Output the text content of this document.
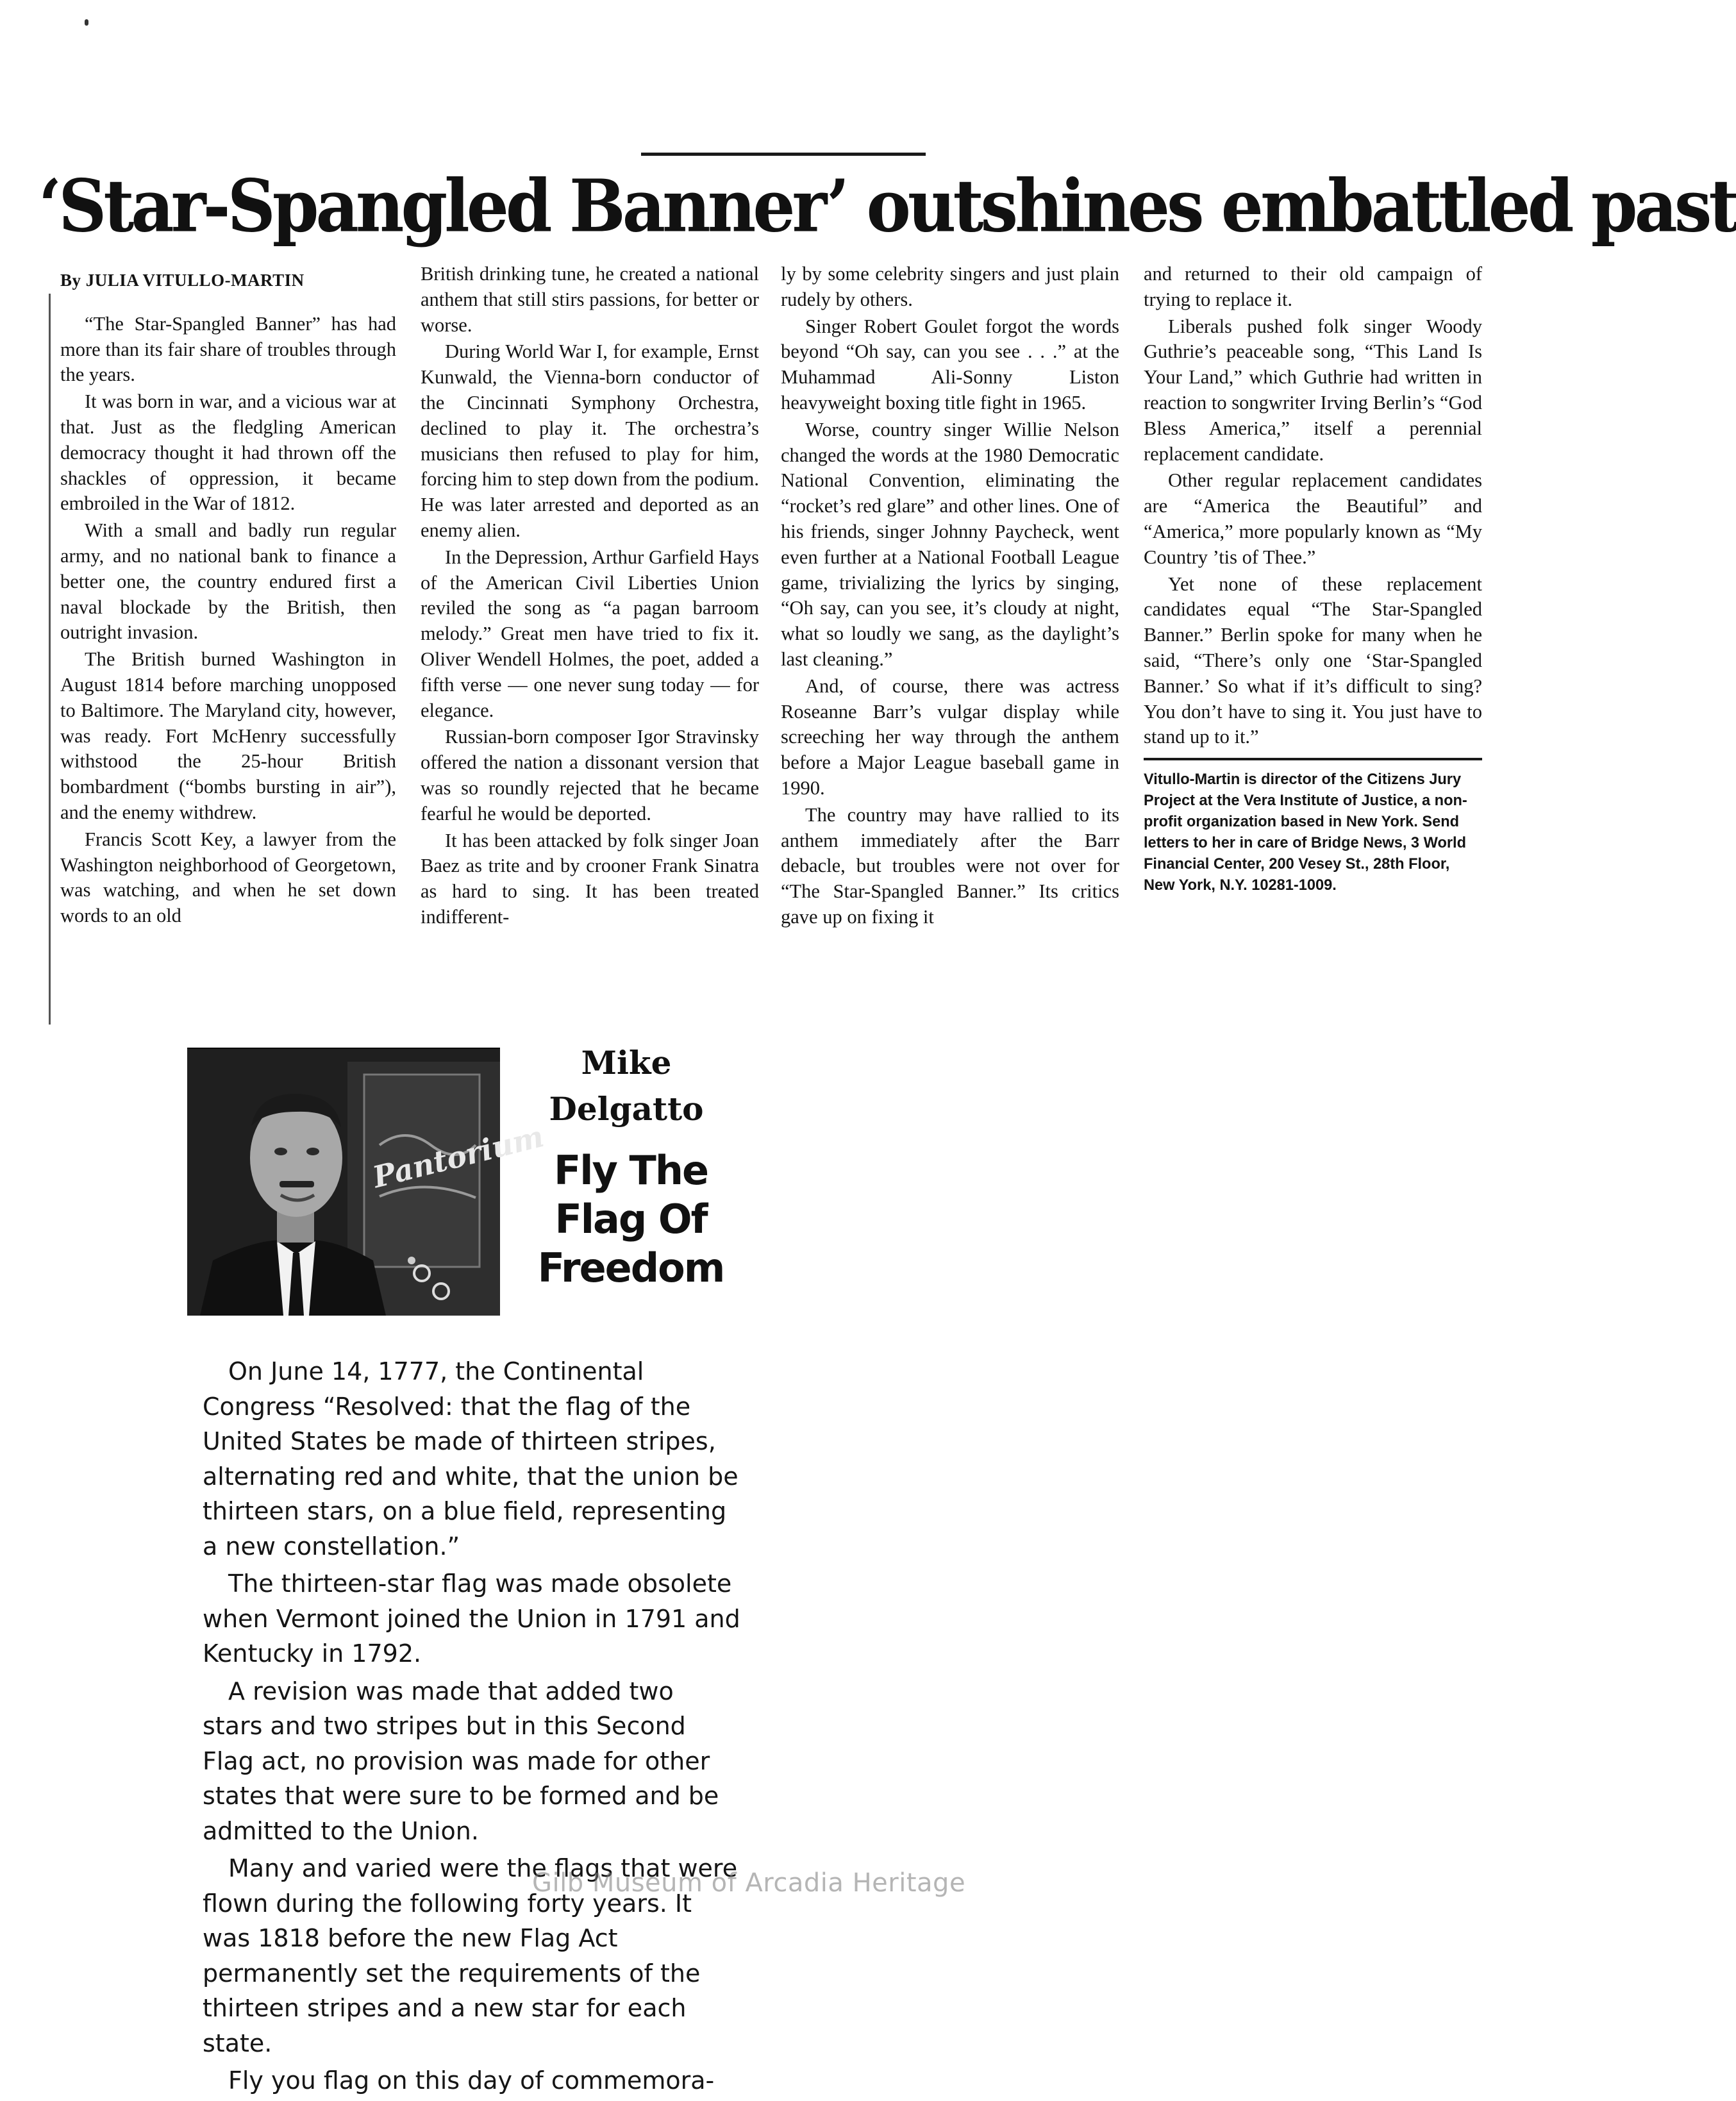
‘Star-Spangled Banner’ outshines embattled past

By JULIA VITULLO-MARTIN

“The Star-Spangled Banner” has had more than its fair share of troubles through the years.

It was born in war, and a vicious war at that. Just as the fledgling American democracy thought it had thrown off the shackles of oppression, it became embroiled in the War of 1812.

With a small and badly run regular army, and no national bank to finance a better one, the country endured first a naval blockade by the British, then outright invasion.

The British burned Washington in August 1814 before marching unopposed to Baltimore. The Maryland city, however, was ready. Fort McHenry successfully withstood the 25-hour British bombardment (“bombs bursting in air”), and the enemy withdrew.

Francis Scott Key, a lawyer from the Washington neighborhood of Georgetown, was watching, and when he set down words to an old

British drinking tune, he created a national anthem that still stirs passions, for better or worse.

During World War I, for example, Ernst Kunwald, the Vienna-born conductor of the Cincinnati Symphony Orchestra, declined to play it. The orchestra’s musicians then refused to play for him, forcing him to step down from the podium. He was later arrested and deported as an enemy alien.

In the Depression, Arthur Garfield Hays of the American Civil Liberties Union reviled the song as “a pagan barroom melody.” Great men have tried to fix it. Oliver Wendell Holmes, the poet, added a fifth verse — one never sung today — for elegance.

Russian-born composer Igor Stravinsky offered the nation a dissonant version that was so roundly rejected that he became fearful he would be deported.

It has been attacked by folk singer Joan Baez as trite and by crooner Frank Sinatra as hard to sing. It has been treated indifferent-

ly by some celebrity singers and just plain rudely by others.

Singer Robert Goulet forgot the words beyond “Oh say, can you see . . .” at the Muhammad Ali-Sonny Liston heavyweight boxing title fight in 1965.

Worse, country singer Willie Nelson changed the words at the 1980 Democratic National Convention, eliminating the “rocket’s red glare” and other lines. One of his friends, singer Johnny Paycheck, went even further at a National Football League game, trivializing the lyrics by singing, “Oh say, can you see, it’s cloudy at night, what so loudly we sang, as the daylight’s last cleaning.”

And, of course, there was actress Roseanne Barr’s vulgar display while screeching her way through the anthem before a Major League baseball game in 1990.

The country may have rallied to its anthem immediately after the Barr debacle, but troubles were not over for “The Star-Spangled Banner.” Its critics gave up on fixing it

and returned to their old campaign of trying to replace it.

Liberals pushed folk singer Woody Guthrie’s peaceable song, “This Land Is Your Land,” which Guthrie had written in reaction to songwriter Irving Berlin’s “God Bless America,” itself a perennial replacement candidate.

Other regular replacement candidates are “America the Beautiful” and “America,” more popularly known as “My Country ’tis of Thee.”

Yet none of these replacement candidates equal “The Star-Spangled Banner.” Berlin spoke for many when he said, “There’s only one ‘Star-Spangled Banner.’ So what if it’s difficult to sing? You don’t have to sing it. You just have to stand up to it.”

Vitullo-Martin is director of the Citizens Jury Project at the Vera Institute of Justice, a non-profit organization based in New York. Send letters to her in care of Bridge News, 3 World Financial Center, 200 Vesey St., 28th Floor, New York, N.Y. 10281-1009.

Pantorium
Mike
Delgatto
Fly The
Flag Of
Freedom

On June 14, 1777, the Continental Congress “Resolved: that the flag of the United States be made of thirteen stripes, alternating red and white, that the union be thirteen stars, on a blue field, representing a new constellation.”

The thirteen-star flag was made obsolete when Vermont joined the Union in 1791 and Kentucky in 1792.

A revision was made that added two stars and two stripes but in this Second Flag act, no provision was made for other states that were sure to be formed and be admitted to the Union.

Many and varied were the flags that were flown during the following forty years. It was 1818 before the new Flag Act permanently set the requirements of the thirteen stripes and a new star for each state.

Fly you flag on this day of commemora-

Gilb Museum of Arcadia Heritage
